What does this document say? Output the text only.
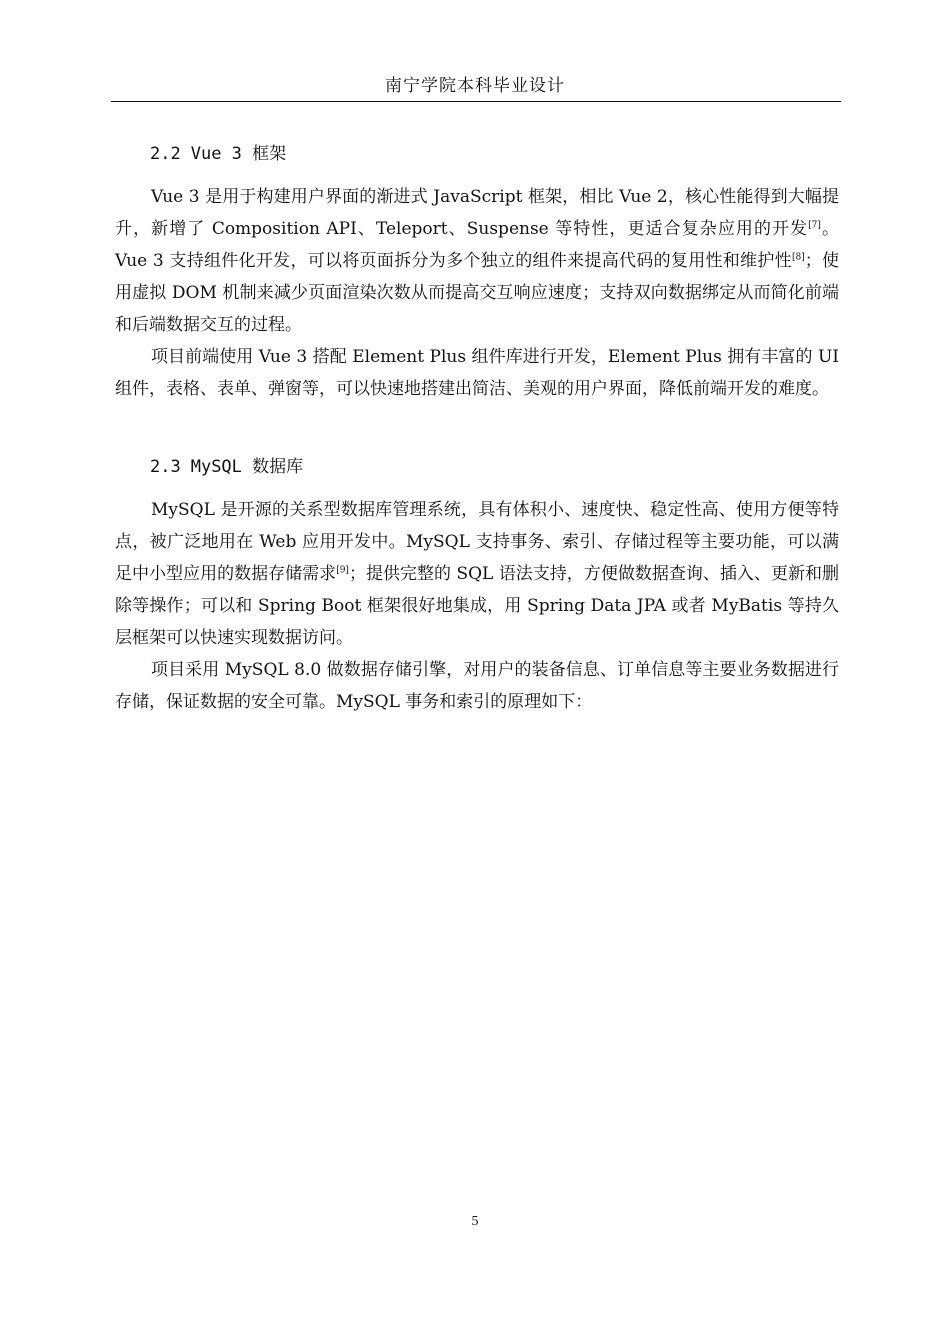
南宁学院本科毕业设计
2.2 Vue 3 框架

Vue 3 是用于构建用户界面的渐进式 JavaScript 框架，相比 Vue 2，核心性能得到大幅提升，新增了 Composition API、Teleport、Suspense 等特性，更适合复杂应用的开发[7]。Vue 3 支持组件化开发，可以将页面拆分为多个独立的组件来提高代码的复用性和维护性[8]；使用虚拟 DOM 机制来减少页面渲染次数从而提高交互响应速度；支持双向数据绑定从而简化前端和后端数据交互的过程。

项目前端使用 Vue 3 搭配 Element Plus 组件库进行开发，Element Plus 拥有丰富的 UI 组件，表格、表单、弹窗等，可以快速地搭建出简洁、美观的用户界面，降低前端开发的难度。

2.3 MySQL 数据库

MySQL 是开源的关系型数据库管理系统，具有体积小、速度快、稳定性高、使用方便等特点，被广泛地用在 Web 应用开发中。MySQL 支持事务、索引、存储过程等主要功能，可以满足中小型应用的数据存储需求[9]；提供完整的 SQL 语法支持，方便做数据查询、插入、更新和删除等操作；可以和 Spring Boot 框架很好地集成，用 Spring Data JPA 或者 MyBatis 等持久层框架可以快速实现数据访问。

项目采用 MySQL 8.0 做数据存储引擎，对用户的装备信息、订单信息等主要业务数据进行存储，保证数据的安全可靠。MySQL 事务和索引的原理如下：

5
